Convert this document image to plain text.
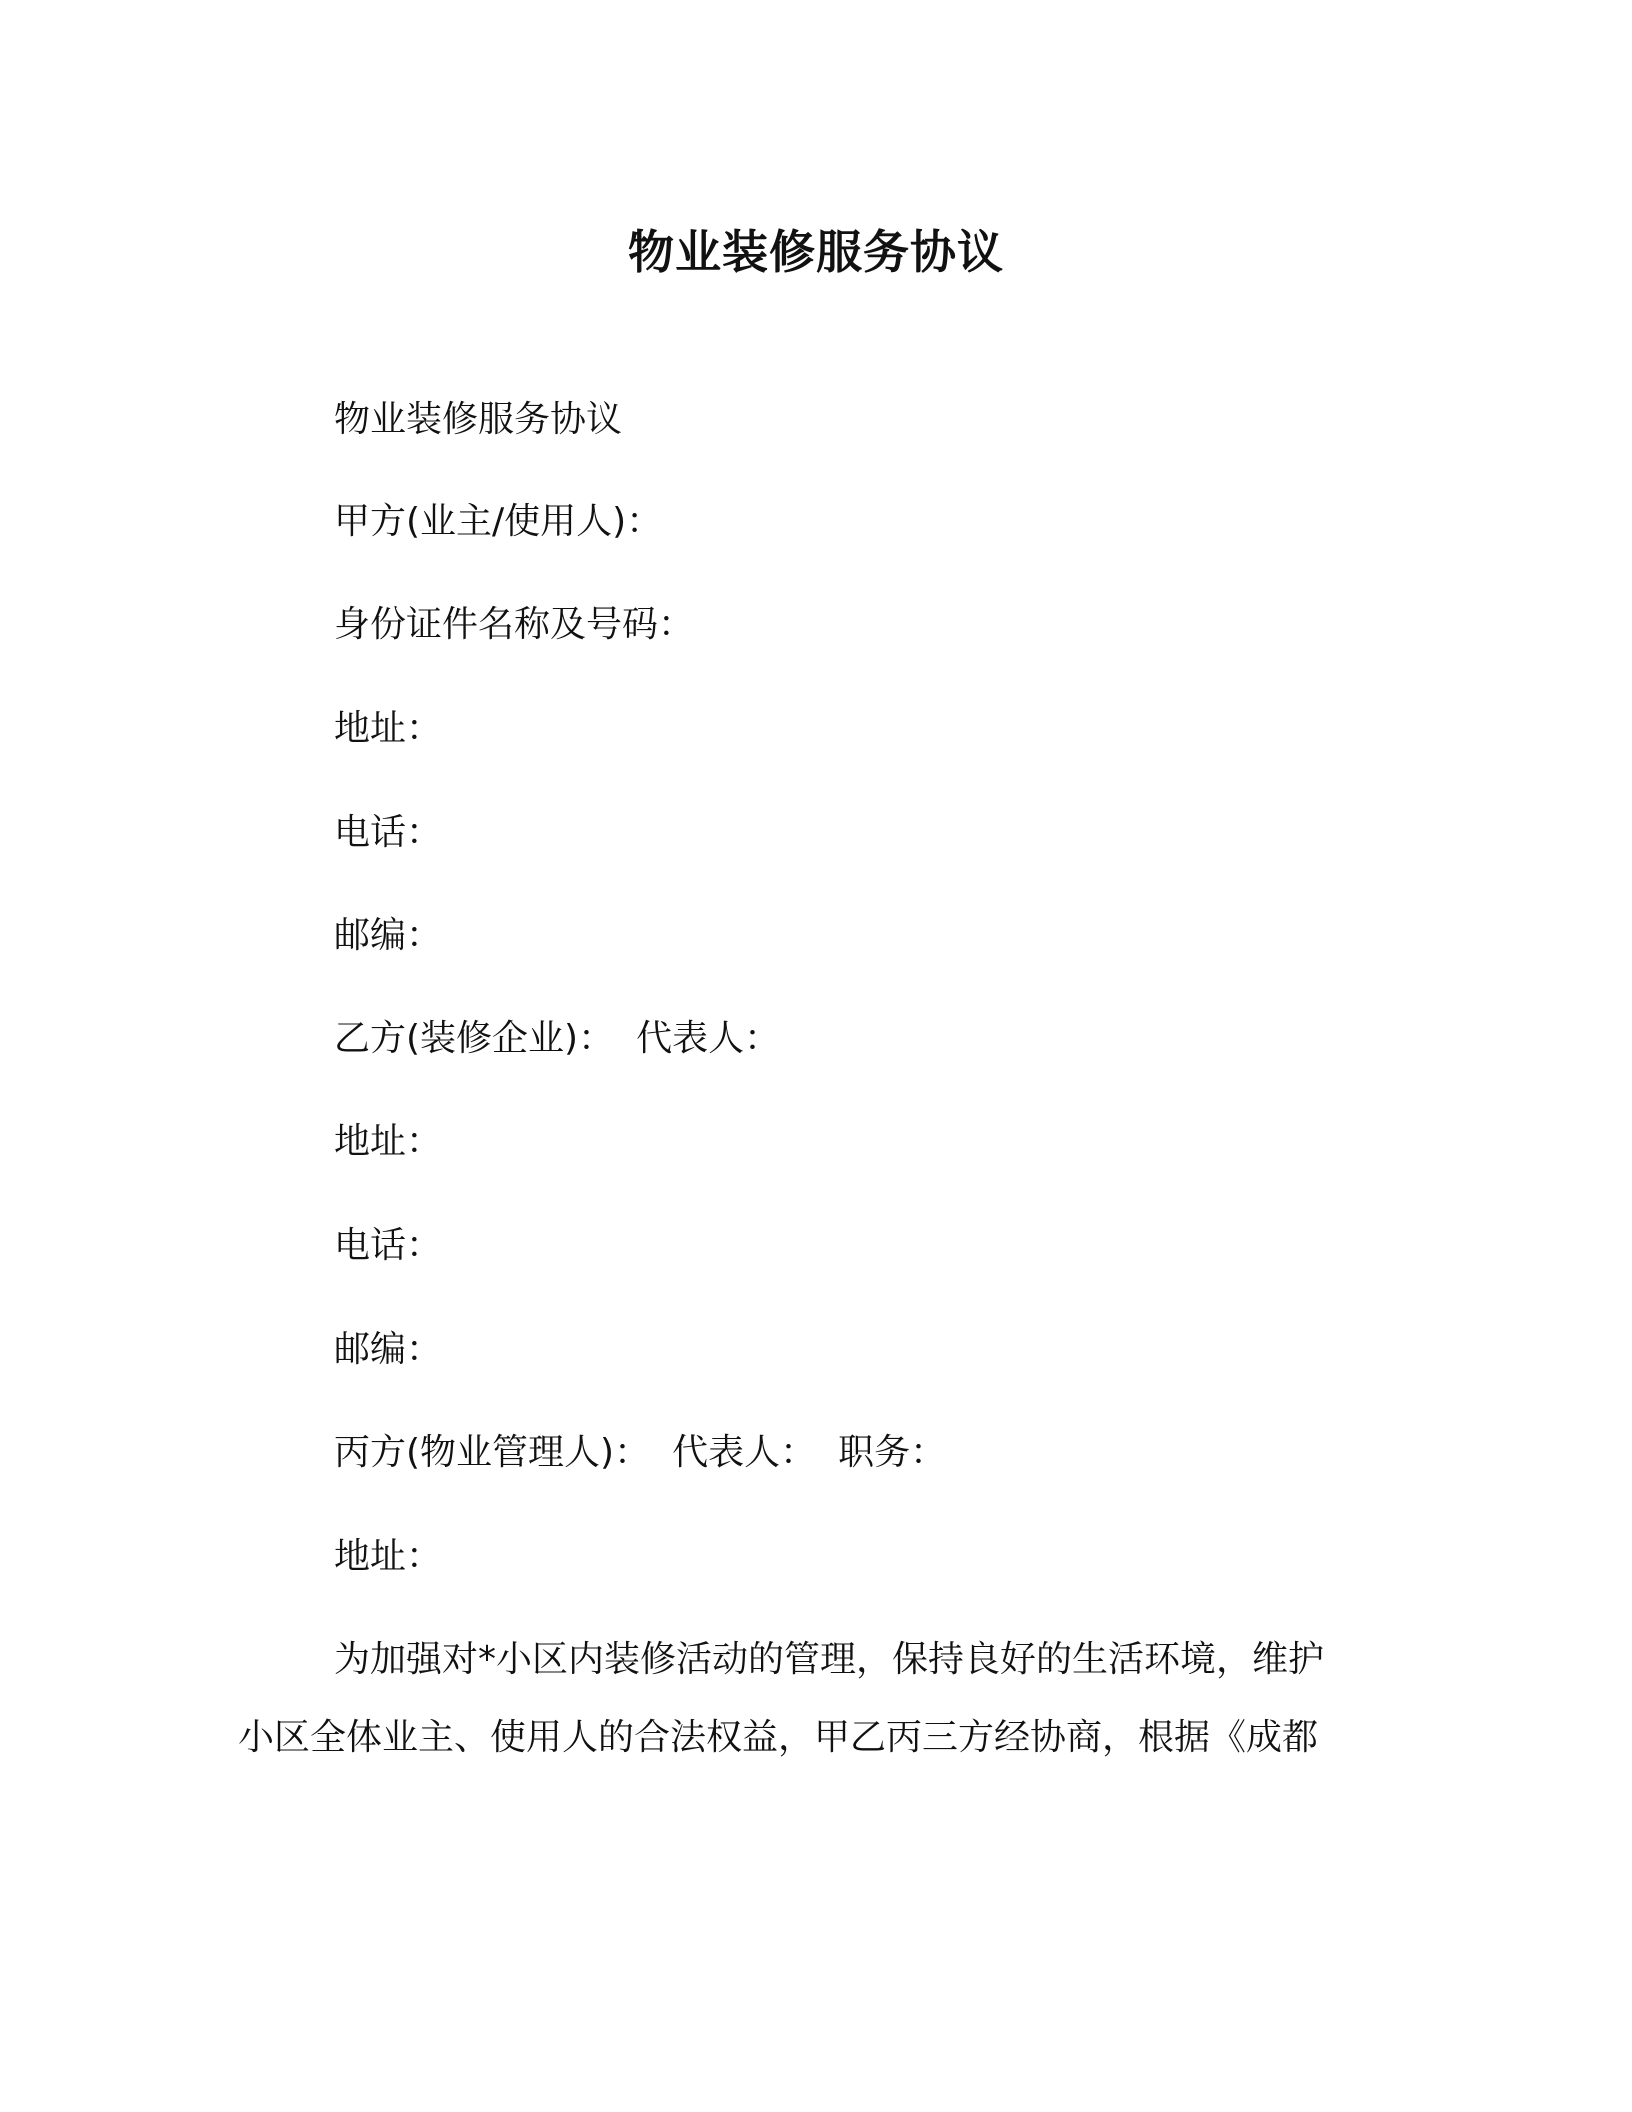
物业装修服务协议
物业装修服务协议
甲方(业主/使用人)：
身份证件名称及号码：
地址：
电话：
邮编：
乙方(装修企业)： 代表人：
地址：
电话：
邮编：
丙方(物业管理人)： 代表人： 职务：
地址：
为加强对*小区内装修活动的管理，保持良好的生活环境，维护
小区全体业主、使用人的合法权益，甲乙丙三方经协商，根据《成都
